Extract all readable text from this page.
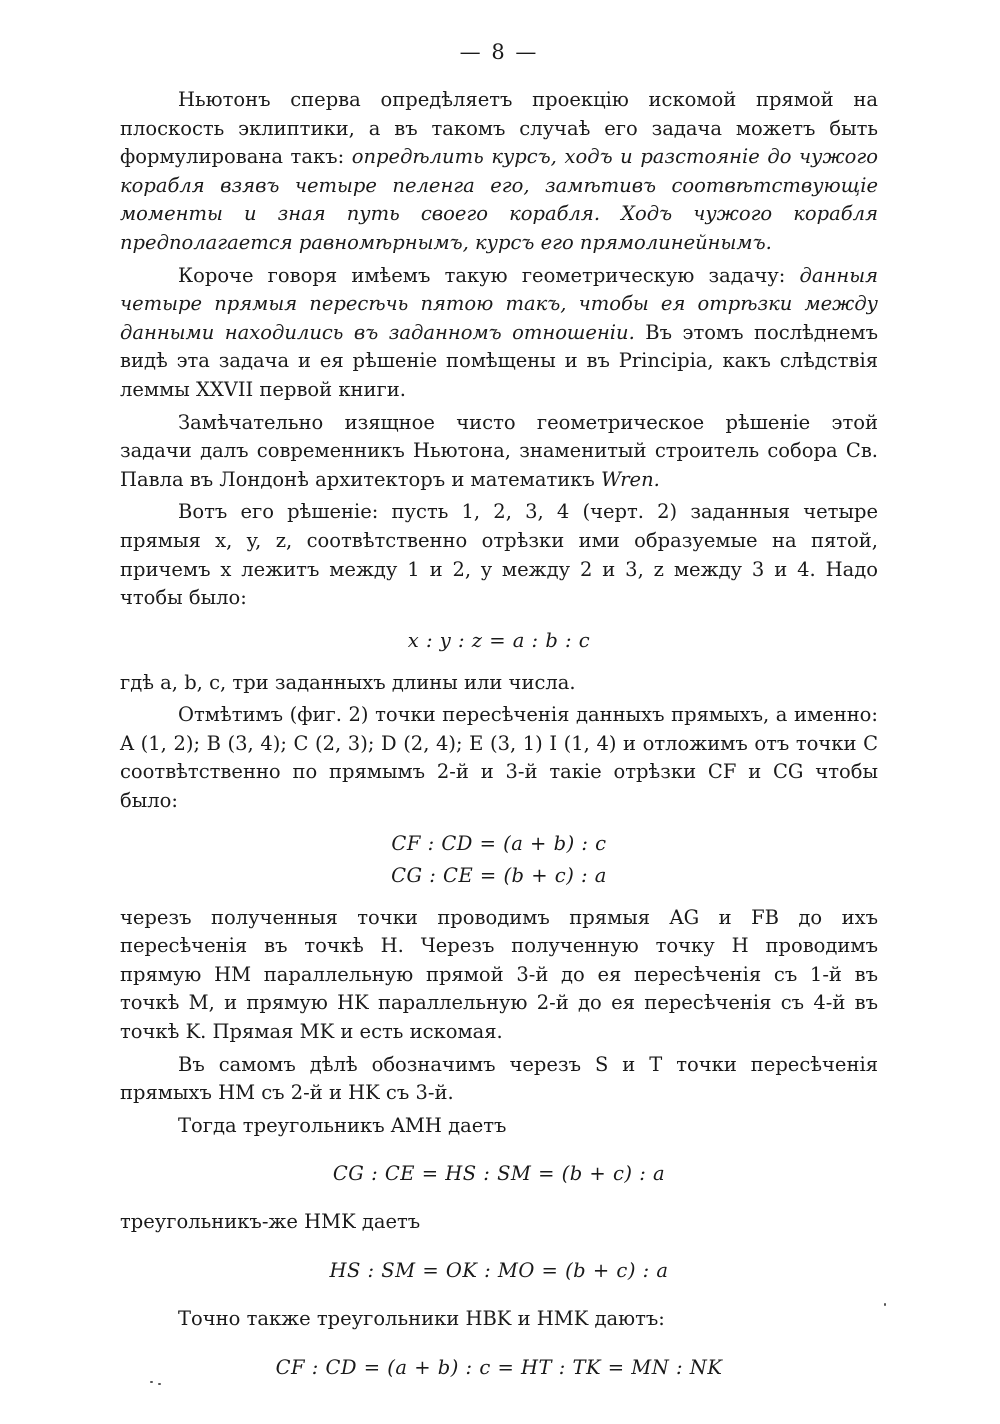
— 8 —

Ньютонъ сперва опредѣляетъ проекцію искомой прямой на плоскость эклиптики, а въ такомъ случаѣ его задача можетъ быть формулирована такъ: опредѣлить курсъ, ходъ и разстояніе до чужого корабля взявъ четыре пеленга его, замѣтивъ соотвѣтствующіе моменты и зная путь своего корабля. Ходъ чужого корабля предполагается равномѣрнымъ, курсъ его прямолинейнымъ.

Короче говоря имѣемъ такую геометрическую задачу: данныя четыре прямыя пересѣчь пятою такъ, чтобы ея отрѣзки между данными находились въ заданномъ отношеніи. Въ этомъ послѣднемъ видѣ эта задача и ея рѣшеніе помѣщены и въ Principia, какъ слѣдствія леммы XXVII первой книги.

Замѣчательно изящное чисто геометрическое рѣшеніе этой задачи далъ современникъ Ньютона, знаменитый строитель собора Св. Павла въ Лондонѣ архитекторъ и математикъ Wren.

Вотъ его рѣшеніе: пусть 1, 2, 3, 4 (черт. 2) заданныя четыре прямыя x, y, z, соотвѣтственно отрѣзки ими образуемые на пятой, причемъ x лежитъ между 1 и 2, y между 2 и 3, z между 3 и 4. Надо чтобы было:

x : y : z = a : b : c

гдѣ a, b, c, три заданныхъ длины или числа.

Отмѣтимъ (фиг. 2) точки пересѣченія данныхъ прямыхъ, а именно: A (1, 2); B (3, 4); C (2, 3); D (2, 4); E (3, 1) I (1, 4) и отложимъ отъ точки C соотвѣтственно по прямымъ 2-й и 3-й такіе отрѣзки CF и CG чтобы было:

CF : CD = (a + b) : c
CG : CE = (b + c) : a

черезъ полученныя точки проводимъ прямыя AG и FB до ихъ пересѣченія въ точкѣ H. Черезъ полученную точку H проводимъ прямую HM параллельную прямой 3-й до ея пересѣченія съ 1-й въ точкѣ M, и прямую HK параллельную 2-й до ея пересѣченія съ 4-й въ точкѣ K. Прямая MK и есть искомая.

Въ самомъ дѣлѣ обозначимъ черезъ S и T точки пересѣченія прямыхъ HM съ 2-й и HK съ 3-й.

Тогда треугольникъ AMH даетъ

CG : CE = HS : SM = (b + c) : a

треугольникъ-же HMK даетъ

HS : SM = OK : MO = (b + c) : a

Точно также треугольники HBK и HMK даютъ:

CF : CD = (a + b) : c = HT : TK = MN : NK
